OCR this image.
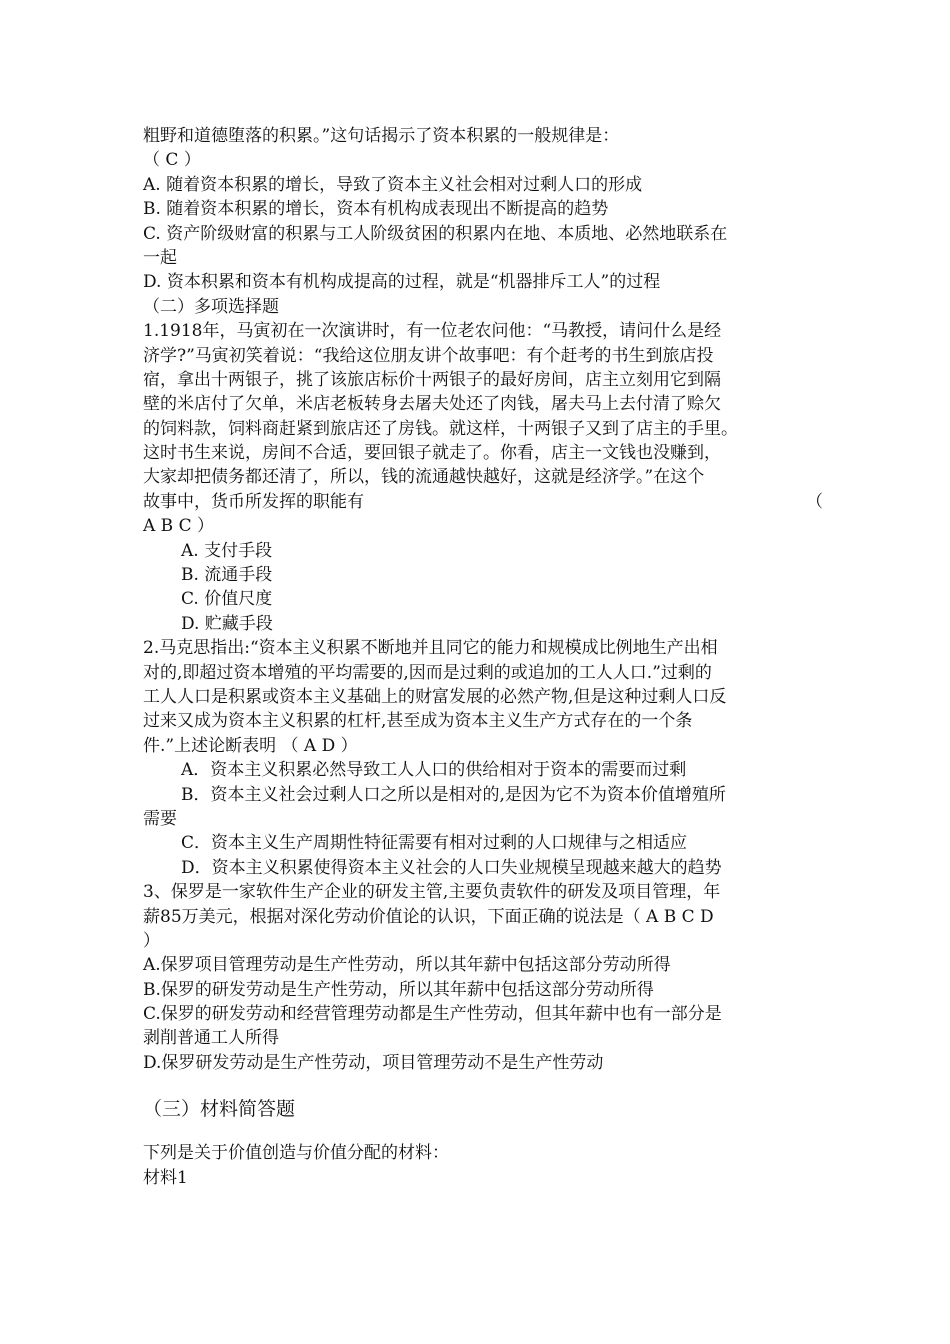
粗野和道德堕落的积累。”这句话揭示了资本积累的一般规律是：
（ C ）
A. 随着资本积累的增长，导致了资本主义社会相对过剩人口的形成
B. 随着资本积累的增长，资本有机构成表现出不断提高的趋势
C. 资产阶级财富的积累与工人阶级贫困的积累内在地、本质地、必然地联系在
一起
D. 资本积累和资本有机构成提高的过程，就是“机器排斥工人”的过程
（二）多项选择题
1.1918年，马寅初在一次演讲时，有一位老农问他：“马教授，请问什么是经
济学?”马寅初笑着说：“我给这位朋友讲个故事吧：有个赶考的书生到旅店投
宿，拿出十两银子，挑了该旅店标价十两银子的最好房间，店主立刻用它到隔
壁的米店付了欠单，米店老板转身去屠夫处还了肉钱，屠夫马上去付清了赊欠
的饲料款，饲料商赶紧到旅店还了房钱。就这样，十两银子又到了店主的手里。
这时书生来说，房间不合适，要回银子就走了。你看，店主一文钱也没赚到，
大家却把债务都还清了，所以，钱的流通越快越好，这就是经济学。”在这个
故事中，货币所发挥的职能有	（
A B C ）
A. 支付手段
B. 流通手段
C. 价值尺度
D. 贮藏手段
2.马克思指出:“资本主义积累不断地并且同它的能力和规模成比例地生产出相
对的,即超过资本增殖的平均需要的,因而是过剩的或追加的工人人口.”过剩的
工人人口是积累或资本主义基础上的财富发展的必然产物,但是这种过剩人口反
过来又成为资本主义积累的杠杆,甚至成为资本主义生产方式存在的一个条
件.”上述论断表明 （ A D ）
A．资本主义积累必然导致工人人口的供给相对于资本的需要而过剩
B．资本主义社会过剩人口之所以是相对的,是因为它不为资本价值增殖所
需要
C．资本主义生产周期性特征需要有相对过剩的人口规律与之相适应
D．资本主义积累使得资本主义社会的人口失业规模呈现越来越大的趋势
3、保罗是一家软件生产企业的研发主管,主要负责软件的研发及项目管理，年
薪85万美元，根据对深化劳动价值论的认识，下面正确的说法是（ A B C D
）
A.保罗项目管理劳动是生产性劳动，所以其年薪中包括这部分劳动所得
B.保罗的研发劳动是生产性劳动，所以其年薪中包括这部分劳动所得
C.保罗的研发劳动和经营管理劳动都是生产性劳动，但其年薪中也有一部分是
剥削普通工人所得
D.保罗研发劳动是生产性劳动，项目管理劳动不是生产性劳动
（三）材料简答题
下列是关于价值创造与价值分配的材料：
材料1
